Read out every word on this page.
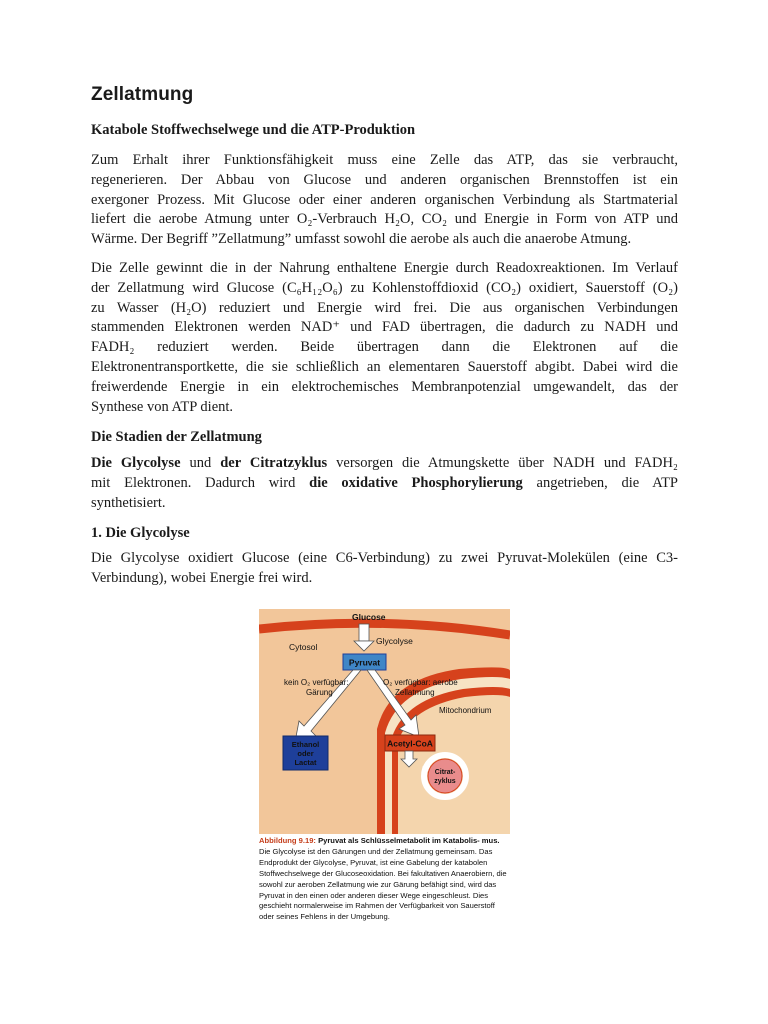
Zellatmung
Katabole Stoffwechselwege und die ATP-Produktion

Zum Erhalt ihrer Funktionsfähigkeit muss eine Zelle das ATP, das sie verbraucht,
regenerieren. Der Abbau von Glucose und anderen organischen Brennstoffen ist ein
exergoner Prozess. Mit Glucose oder einer anderen organischen Verbindung als Startmaterial
liefert die aerobe Atmung unter O₂-Verbrauch H₂O, CO₂ und Energie in Form von ATP und
Wärme. Der Begriff ”Zellatmung” umfasst sowohl die aerobe als auch die anaerobe Atmung.

Die Zelle gewinnt die in der Nahrung enthaltene Energie durch Readoxreaktionen. Im Verlauf
der Zellatmung wird Glucose (C₆H₁₂O₆) zu Kohlenstoffdioxid (CO₂) oxidiert, Sauerstoff (O₂)
zu Wasser (H₂O) reduziert und Energie wird frei. Die aus organischen Verbindungen
stammenden Elektronen werden NAD⁺ und FAD übertragen, die dadurch zu NADH und
FADH₂ reduziert werden. Beide übertragen dann die Elektronen auf die
Elektronentransportkette, die sie schließlich an elementaren Sauerstoff abgibt. Dabei wird die
freiwerdende Energie in ein elektrochemisches Membranpotenzial umgewandelt, das der
Synthese von ATP dient.

Die Stadien der Zellatmung

Die Glycolyse und der Citratzyklus versorgen die Atmungskette über NADH und FADH₂
mit Elektronen. Dadurch wird die oxidative Phosphorylierung angetrieben, die ATP
synthetisiert.

1. Die Glycolyse

Die Glycolyse oxidiert Glucose (eine C6-Verbindung) zu zwei Pyruvat-Molekülen (eine C3-
Verbindung), wobei Energie frei wird.

Glucose
Glycolyse
Cytosol
Pyruvat
kein O₂ verfügbar:
Gärung
O₂ verfügbar: aerobe
Zellatmung
Mitochondrium
Ethanol
oder
Lactat
Acetyl-CoA
Citrat-
zyklus
Abbildung 9.19: Pyruvat als Schlüsselmetabolit im Katabolis- mus. Die Glycolyse ist den Gärungen und der Zellatmung gemeinsam. Das Endprodukt der Glycolyse, Pyruvat, ist eine Gabelung der katabolen Stoffwechselwege der Glucoseoxidation. Bei fakultativen Anaerobiern, die sowohl zur aeroben Zellatmung wie zur Gärung befähigt sind, wird das Pyruvat in den einen oder anderen dieser Wege eingeschleust. Dies geschieht normalerweise im Rahmen der Verfügbarkeit von Sauerstoff oder seines Fehlens in der Umgebung.
